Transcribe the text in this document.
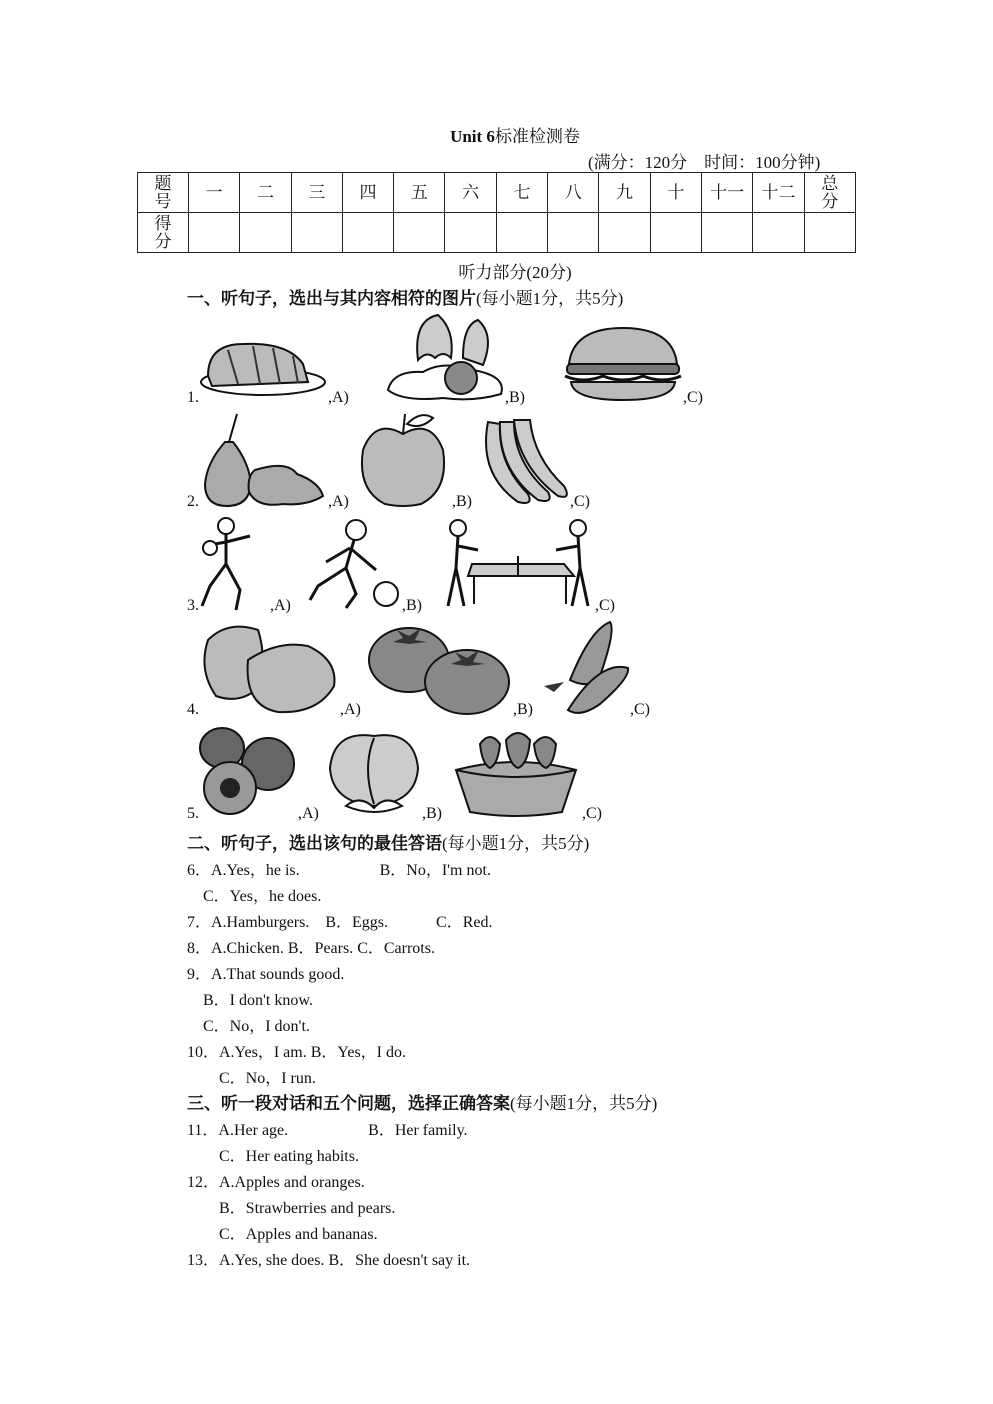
Unit 6标准检测卷
(满分：120分　时间：100分钟)
题号	一	二	三	四	五	六	七	八	九	十	十一	十二	总分
得分													
听力部分(20分)
一、听句子，选出与其内容相符的图片(每小题1分，共5分)
1.	,A)	,B)	,C)
2.	,A)	,B)	,C)
3.	,A)	,B)	,C)
4.	,A)	,B)	,C)
5.	,A)	,B)	,C)
二、听句子，选出该句的最佳答语(每小题1分，共5分)
6．A.Yes，he is.　　　　　B．No，I'm not.
　C．Yes，he does.
7．A.Hamburgers.　B．Eggs.　　　C．Red.
8．A.Chicken. B．Pears. C．Carrots.
9．A.That sounds good.
　B．I don't know.
　C．No，I don't.
10．A.Yes，I am. B．Yes，I do.
　　C．No，I run.
三、听一段对话和五个问题，选择正确答案(每小题1分，共5分)
11．A.Her age.　　　　　B．Her family.
　　C．Her eating habits.
12．A.Apples and oranges.
　　B．Strawberries and pears.
　　C．Apples and bananas.
13．A.Yes, she does. B．She doesn't say it.
